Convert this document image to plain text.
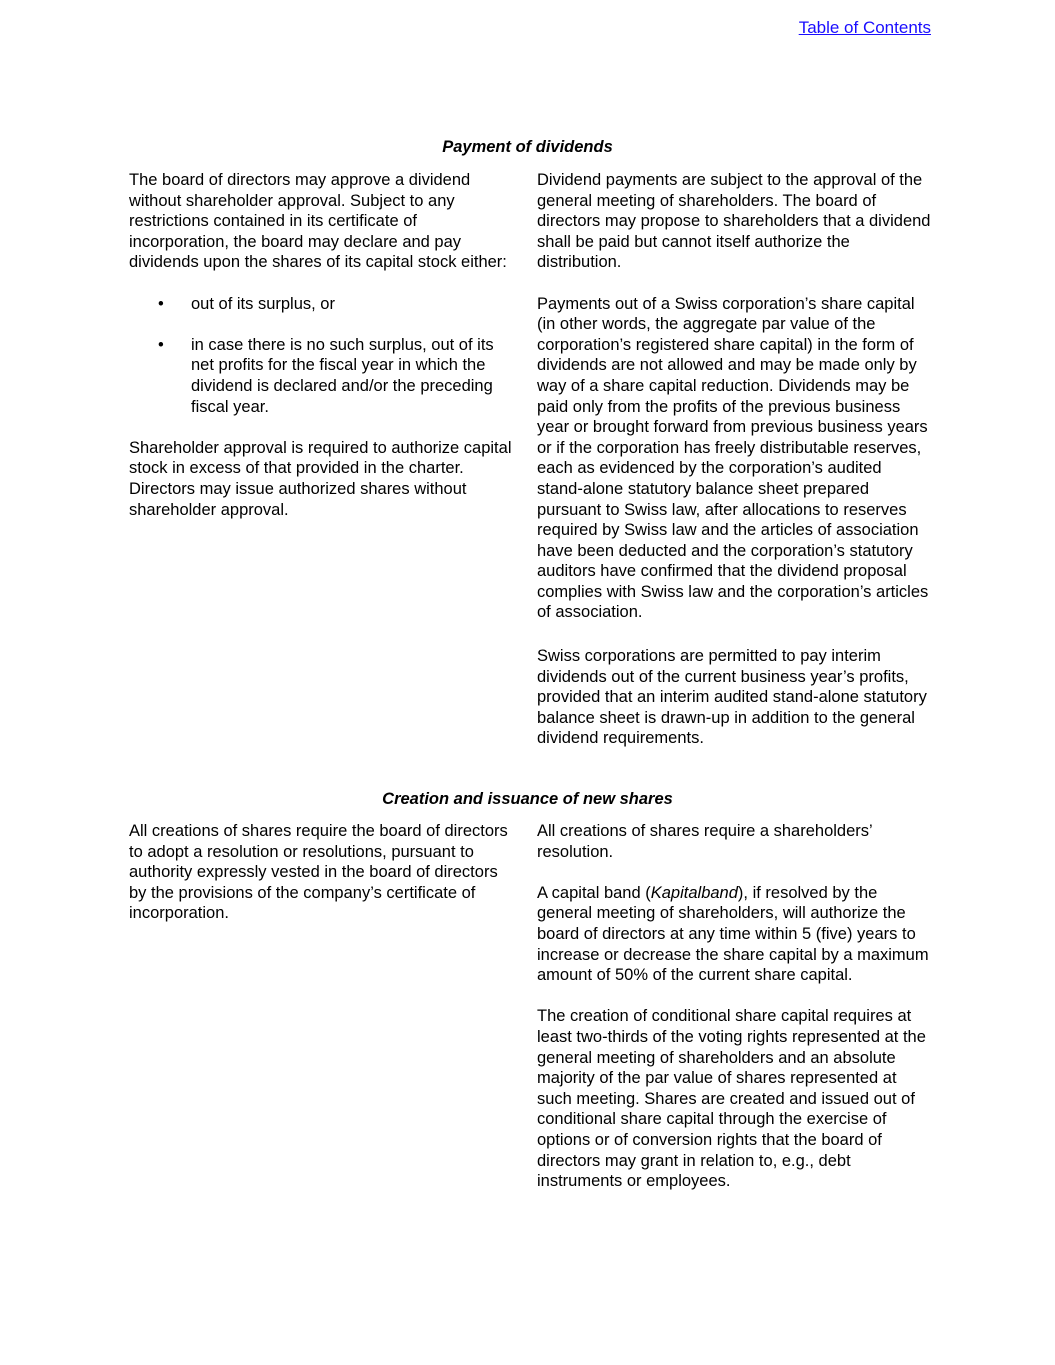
Table of Contents
Payment of dividends

The board of directors may approve a dividend without shareholder approval. Subject to any restrictions contained in its certificate of incorporation, the board may declare and pay dividends upon the shares of its capital stock either:

• out of its surplus, or
• in case there is no such surplus, out of its net profits for the fiscal year in which the dividend is declared and/or the preceding fiscal year.

Shareholder approval is required to authorize capital stock in excess of that provided in the charter. Directors may issue authorized shares without shareholder approval.

Dividend payments are subject to the approval of the general meeting of shareholders. The board of directors may propose to shareholders that a dividend shall be paid but cannot itself authorize the distribution.

Payments out of a Swiss corporation’s share capital (in other words, the aggregate par value of the corporation’s registered share capital) in the form of dividends are not allowed and may be made only by way of a share capital reduction. Dividends may be paid only from the profits of the previous business year or brought forward from previous business years or if the corporation has freely distributable reserves, each as evidenced by the corporation’s audited stand-alone statutory balance sheet prepared pursuant to Swiss law, after allocations to reserves required by Swiss law and the articles of association have been deducted and the corporation’s statutory auditors have confirmed that the dividend proposal complies with Swiss law and the corporation’s articles of association.

Swiss corporations are permitted to pay interim dividends out of the current business year’s profits, provided that an interim audited stand-alone statutory balance sheet is drawn-up in addition to the general dividend requirements.

Creation and issuance of new shares

All creations of shares require the board of directors to adopt a resolution or resolutions, pursuant to authority expressly vested in the board of directors by the provisions of the company’s certificate of incorporation.

All creations of shares require a shareholders’ resolution.

A capital band (Kapitalband), if resolved by the general meeting of shareholders, will authorize the board of directors at any time within 5 (five) years to increase or decrease the share capital by a maximum amount of 50% of the current share capital.

The creation of conditional share capital requires at least two-thirds of the voting rights represented at the general meeting of shareholders and an absolute majority of the par value of shares represented at such meeting. Shares are created and issued out of conditional share capital through the exercise of options or of conversion rights that the board of directors may grant in relation to, e.g., debt instruments or employees.
